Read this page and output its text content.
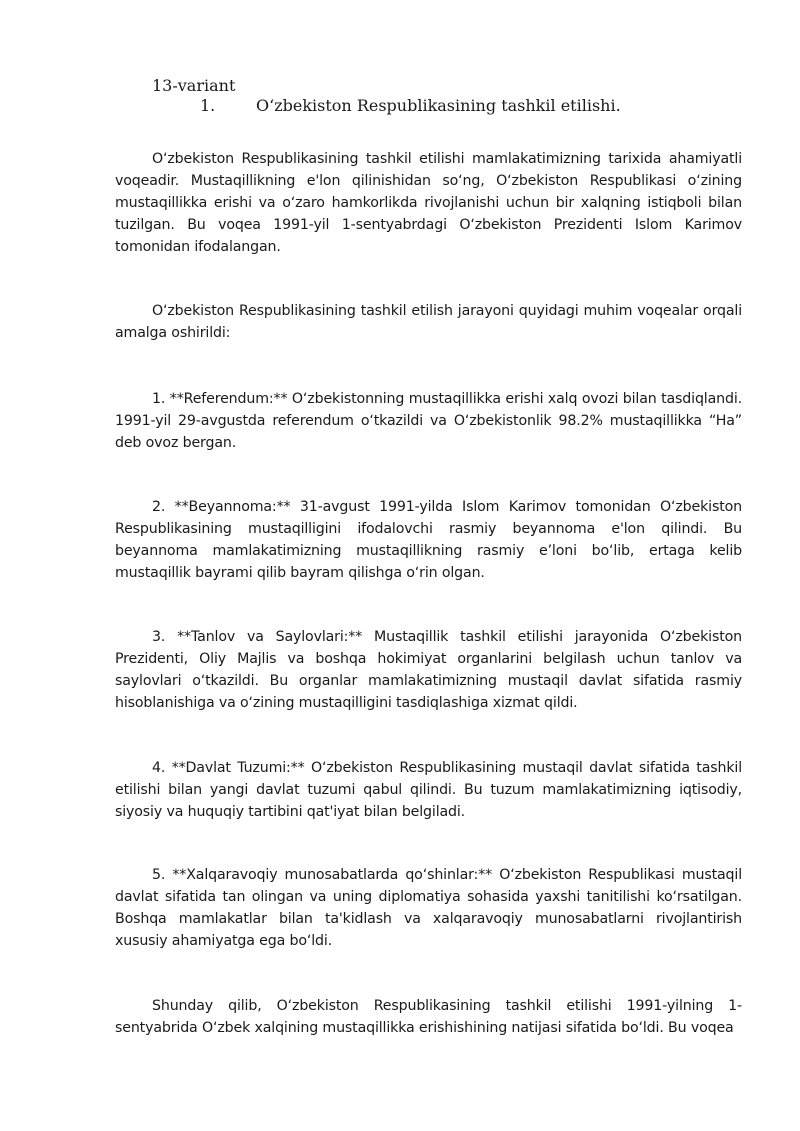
13-variant

1.	O‘zbekiston Respublikasining tashkil etilishi.

O‘zbekiston Respublikasining tashkil etilishi mamlakatimizning tarixida ahamiyatli voqeadir. Mustaqillikning e'lon qilinishidan so‘ng, O‘zbekiston Respublikasi o‘zining mustaqillikka erishi va o‘zaro hamkorlikda rivojlanishi uchun bir xalqning istiqboli bilan tuzilgan. Bu voqea 1991-yil 1-sentyabrdagi O‘zbekiston Prezidenti Islom Karimov tomonidan ifodalangan.

O‘zbekiston Respublikasining tashkil etilish jarayoni quyidagi muhim voqealar orqali amalga oshirildi:

1. **Referendum:** O‘zbekistonning mustaqillikka erishi xalq ovozi bilan tasdiqlandi. 1991-yil 29-avgustda referendum o‘tkazildi va O‘zbekistonlik 98.2% mustaqillikka “Ha” deb ovoz bergan.

2. **Beyannoma:** 31-avgust 1991-yilda Islom Karimov tomonidan O‘zbekiston Respublikasining mustaqilligini ifodalovchi rasmiy beyannoma e'lon qilindi. Bu beyannoma mamlakatimizning mustaqillikning rasmiy e’loni bo‘lib, ertaga kelib mustaqillik bayrami qilib bayram qilishga o‘rin olgan.

3. **Tanlov va Saylovlari:** Mustaqillik tashkil etilishi jarayonida O‘zbekiston Prezidenti, Oliy Majlis va boshqa hokimiyat organlarini belgilash uchun tanlov va saylovlari o‘tkazildi. Bu organlar mamlakatimizning mustaqil davlat sifatida rasmiy hisoblanishiga va o‘zining mustaqilligini tasdiqlashiga xizmat qildi.

4. **Davlat Tuzumi:** O‘zbekiston Respublikasining mustaqil davlat sifatida tashkil etilishi bilan yangi davlat tuzumi qabul qilindi. Bu tuzum mamlakatimizning iqtisodiy, siyosiy va huquqiy tartibini qat'iyat bilan belgiladi.

5. **Xalqaravoqiy munosabatlarda qo‘shinlar:** O‘zbekiston Respublikasi mustaqil davlat sifatida tan olingan va uning diplomatiya sohasida yaxshi tanitilishi ko‘rsatilgan. Boshqa mamlakatlar bilan ta'kidlash va xalqaravoqiy munosabatlarni rivojlantirish xususiy ahamiyatga ega bo‘ldi.

Shunday qilib, O‘zbekiston Respublikasining tashkil etilishi 1991-yilning 1-sentyabrida O‘zbek xalqining mustaqillikka erishishining natijasi sifatida bo‘ldi. Bu voqea
